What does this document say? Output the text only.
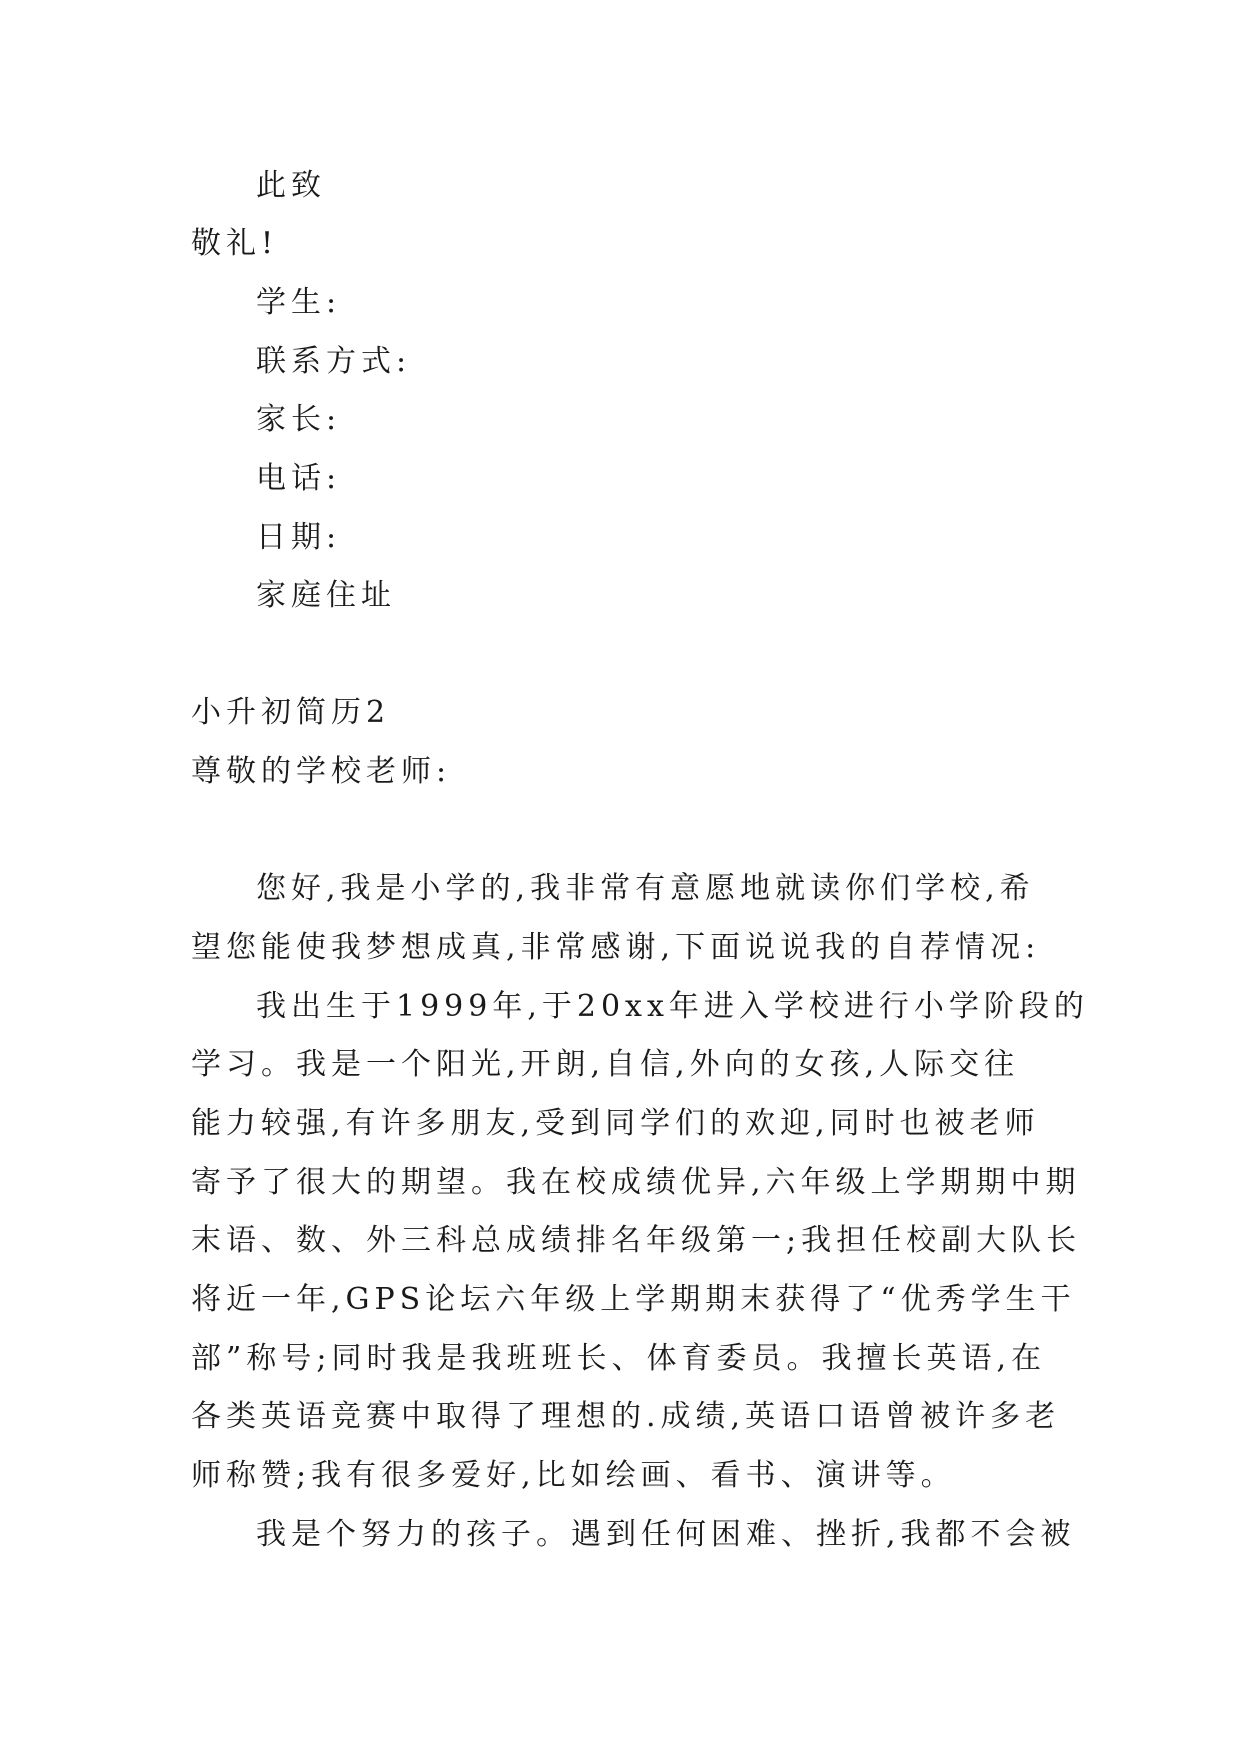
此致
敬礼!
学生:
联系方式:
家长:
电话:
日期:
家庭住址
小升初简历2
尊敬的学校老师:
您好,我是小学的,我非常有意愿地就读你们学校,希
望您能使我梦想成真,非常感谢,下面说说我的自荐情况:
我出生于1999年,于20xx年进入学校进行小学阶段的
学习。我是一个阳光,开朗,自信,外向的女孩,人际交往
能力较强,有许多朋友,受到同学们的欢迎,同时也被老师
寄予了很大的期望。我在校成绩优异,六年级上学期期中期
末语、数、外三科总成绩排名年级第一;我担任校副大队长
将近一年,GPS论坛六年级上学期期末获得了“优秀学生干
部”称号;同时我是我班班长、体育委员。我擅长英语,在
各类英语竞赛中取得了理想的.成绩,英语口语曾被许多老
师称赞;我有很多爱好,比如绘画、看书、演讲等。
我是个努力的孩子。遇到任何困难、挫折,我都不会被
